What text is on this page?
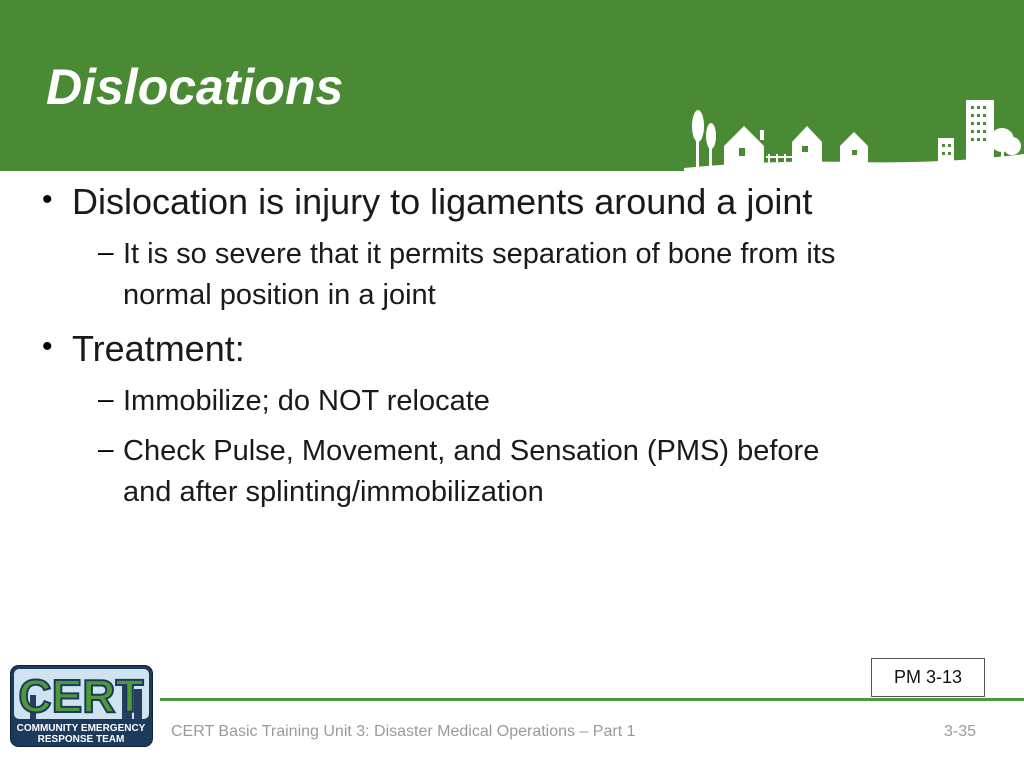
Dislocations
• Dislocation is injury to ligaments around a joint
– It is so severe that it permits separation of bone from its
normal position in a joint
• Treatment:
– Immobilize; do NOT relocate
– Check Pulse, Movement, and Sensation (PMS) before
and after splinting/immobilization
PM 3-13
CERT Basic Training Unit 3: Disaster Medical Operations – Part 1	3-35
CERT
COMMUNITY EMERGENCY
RESPONSE TEAM
